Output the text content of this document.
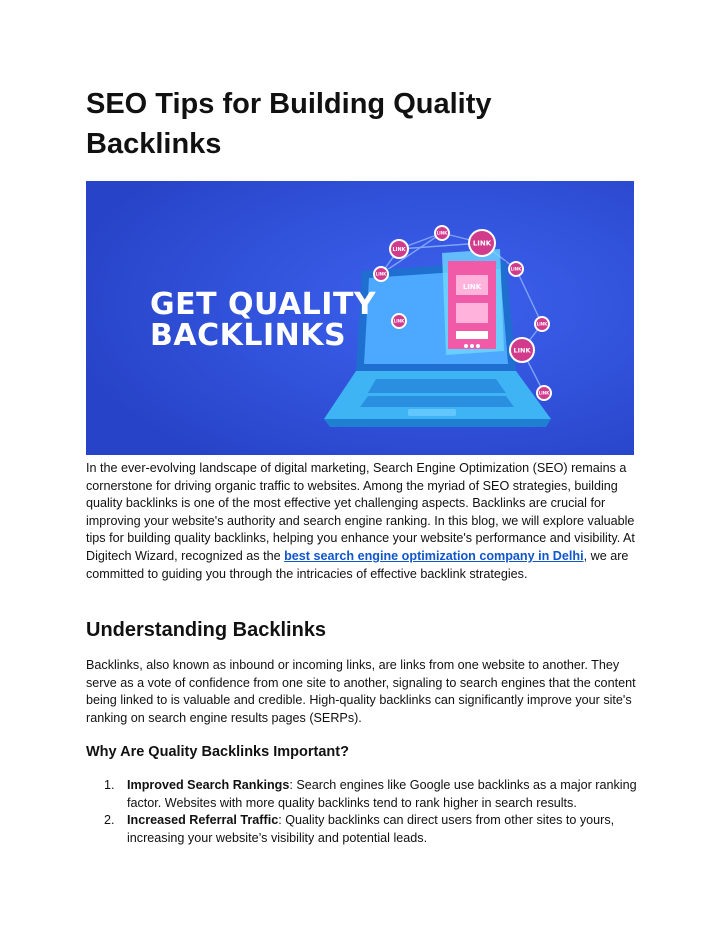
SEO Tips for Building Quality Backlinks
LINK
LINK
LINK
LINK
LINK
LINK
LINK
LINK
LINK
LINK
GET QUALITY
BACKLINKS

In the ever-evolving landscape of digital marketing, Search Engine Optimization (SEO) remains a cornerstone for driving organic traffic to websites. Among the myriad of SEO strategies, building quality backlinks is one of the most effective yet challenging aspects. Backlinks are crucial for improving your website's authority and search engine ranking. In this blog, we will explore valuable tips for building quality backlinks, helping you enhance your website's performance and visibility. At Digitech Wizard, recognized as the best search engine optimization company in Delhi, we are committed to guiding you through the intricacies of effective backlink strategies.

Understanding Backlinks

Backlinks, also known as inbound or incoming links, are links from one website to another. They serve as a vote of confidence from one site to another, signaling to search engines that the content being linked to is valuable and credible. High-quality backlinks can significantly improve your site's ranking on search engine results pages (SERPs).

Why Are Quality Backlinks Important?
1. Improved Search Rankings: Search engines like Google use backlinks as a major ranking factor. Websites with more quality backlinks tend to rank higher in search results.
2. Increased Referral Traffic: Quality backlinks can direct users from other sites to yours, increasing your website’s visibility and potential leads.
